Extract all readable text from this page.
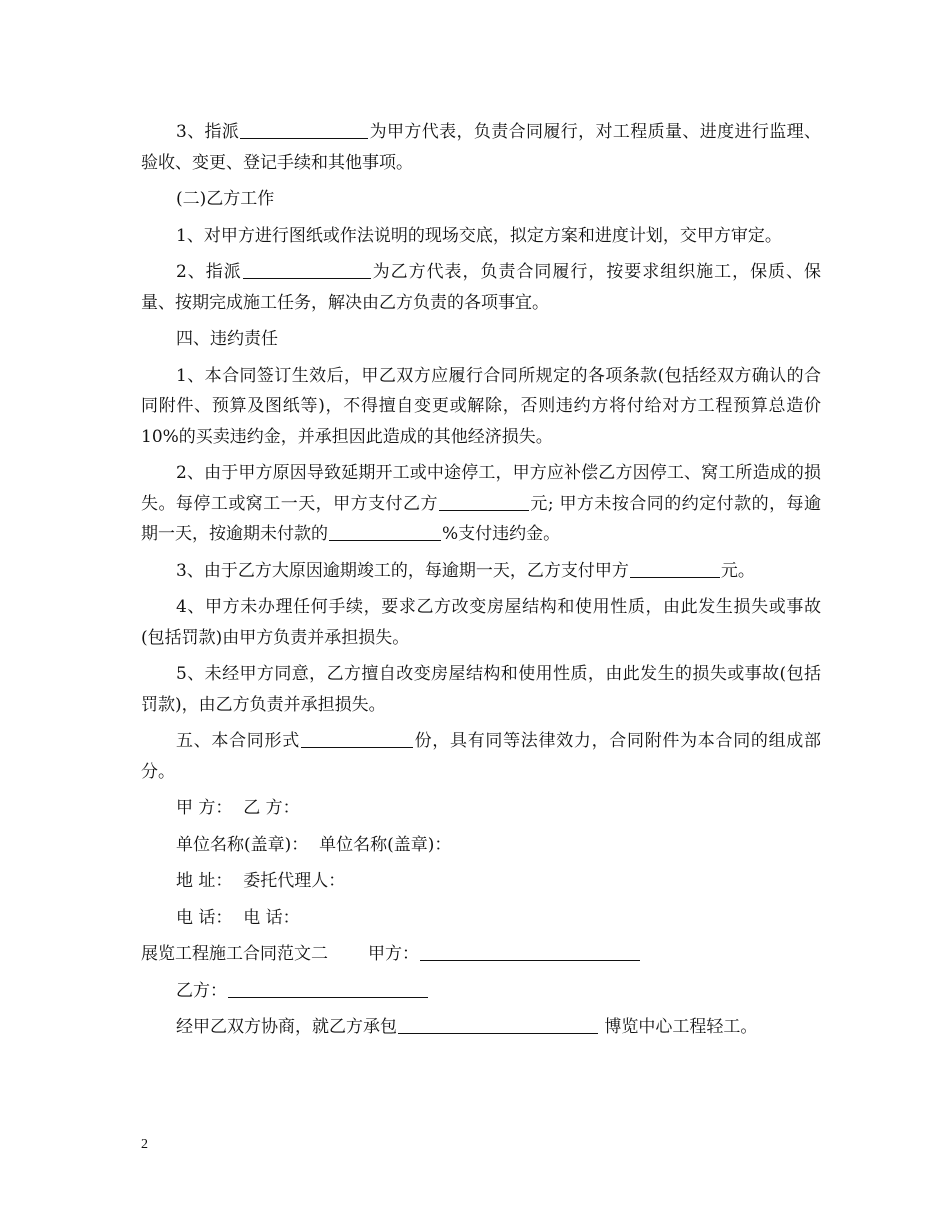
3、指派	为甲方代表，负责合同履行，对工程质量、进度进行监理、验收、变更、登记手续和其他事项。

(二)乙方工作

1、对甲方进行图纸或作法说明的现场交底，拟定方案和进度计划，交甲方审定。

2、指派	为乙方代表，负责合同履行，按要求组织施工，保质、保量、按期完成施工任务，解决由乙方负责的各项事宜。

四、违约责任

1、本合同签订生效后，甲乙双方应履行合同所规定的各项条款(包括经双方确认的合同附件、预算及图纸等)，不得擅自变更或解除，否则违约方将付给对方工程预算总造价 10%的买卖违约金，并承担因此造成的其他经济损失。

2、由于甲方原因导致延期开工或中途停工，甲方应补偿乙方因停工、窝工所造成的损失。每停工或窝工一天，甲方支付乙方	元; 甲方未按合同的约定付款的，每逾期一天，按逾期未付款的	%支付违约金。

3、由于乙方大原因逾期竣工的，每逾期一天，乙方支付甲方	元。

4、甲方未办理任何手续，要求乙方改变房屋结构和使用性质，由此发生损失或事故(包括罚款)由甲方负责并承担损失。

5、未经甲方同意，乙方擅自改变房屋结构和使用性质，由此发生的损失或事故(包括罚款)，由乙方负责并承担损失。

五、本合同形式	份，具有同等法律效力，合同附件为本合同的组成部分。

甲 方：  乙 方：

单位名称(盖章)：  单位名称(盖章)：

地 址：  委托代理人：

电 话：  电 话：

展览工程施工合同范文二 甲方：

乙方：

经甲乙双方协商，就乙方承包	博览中心工程轻工。

2
